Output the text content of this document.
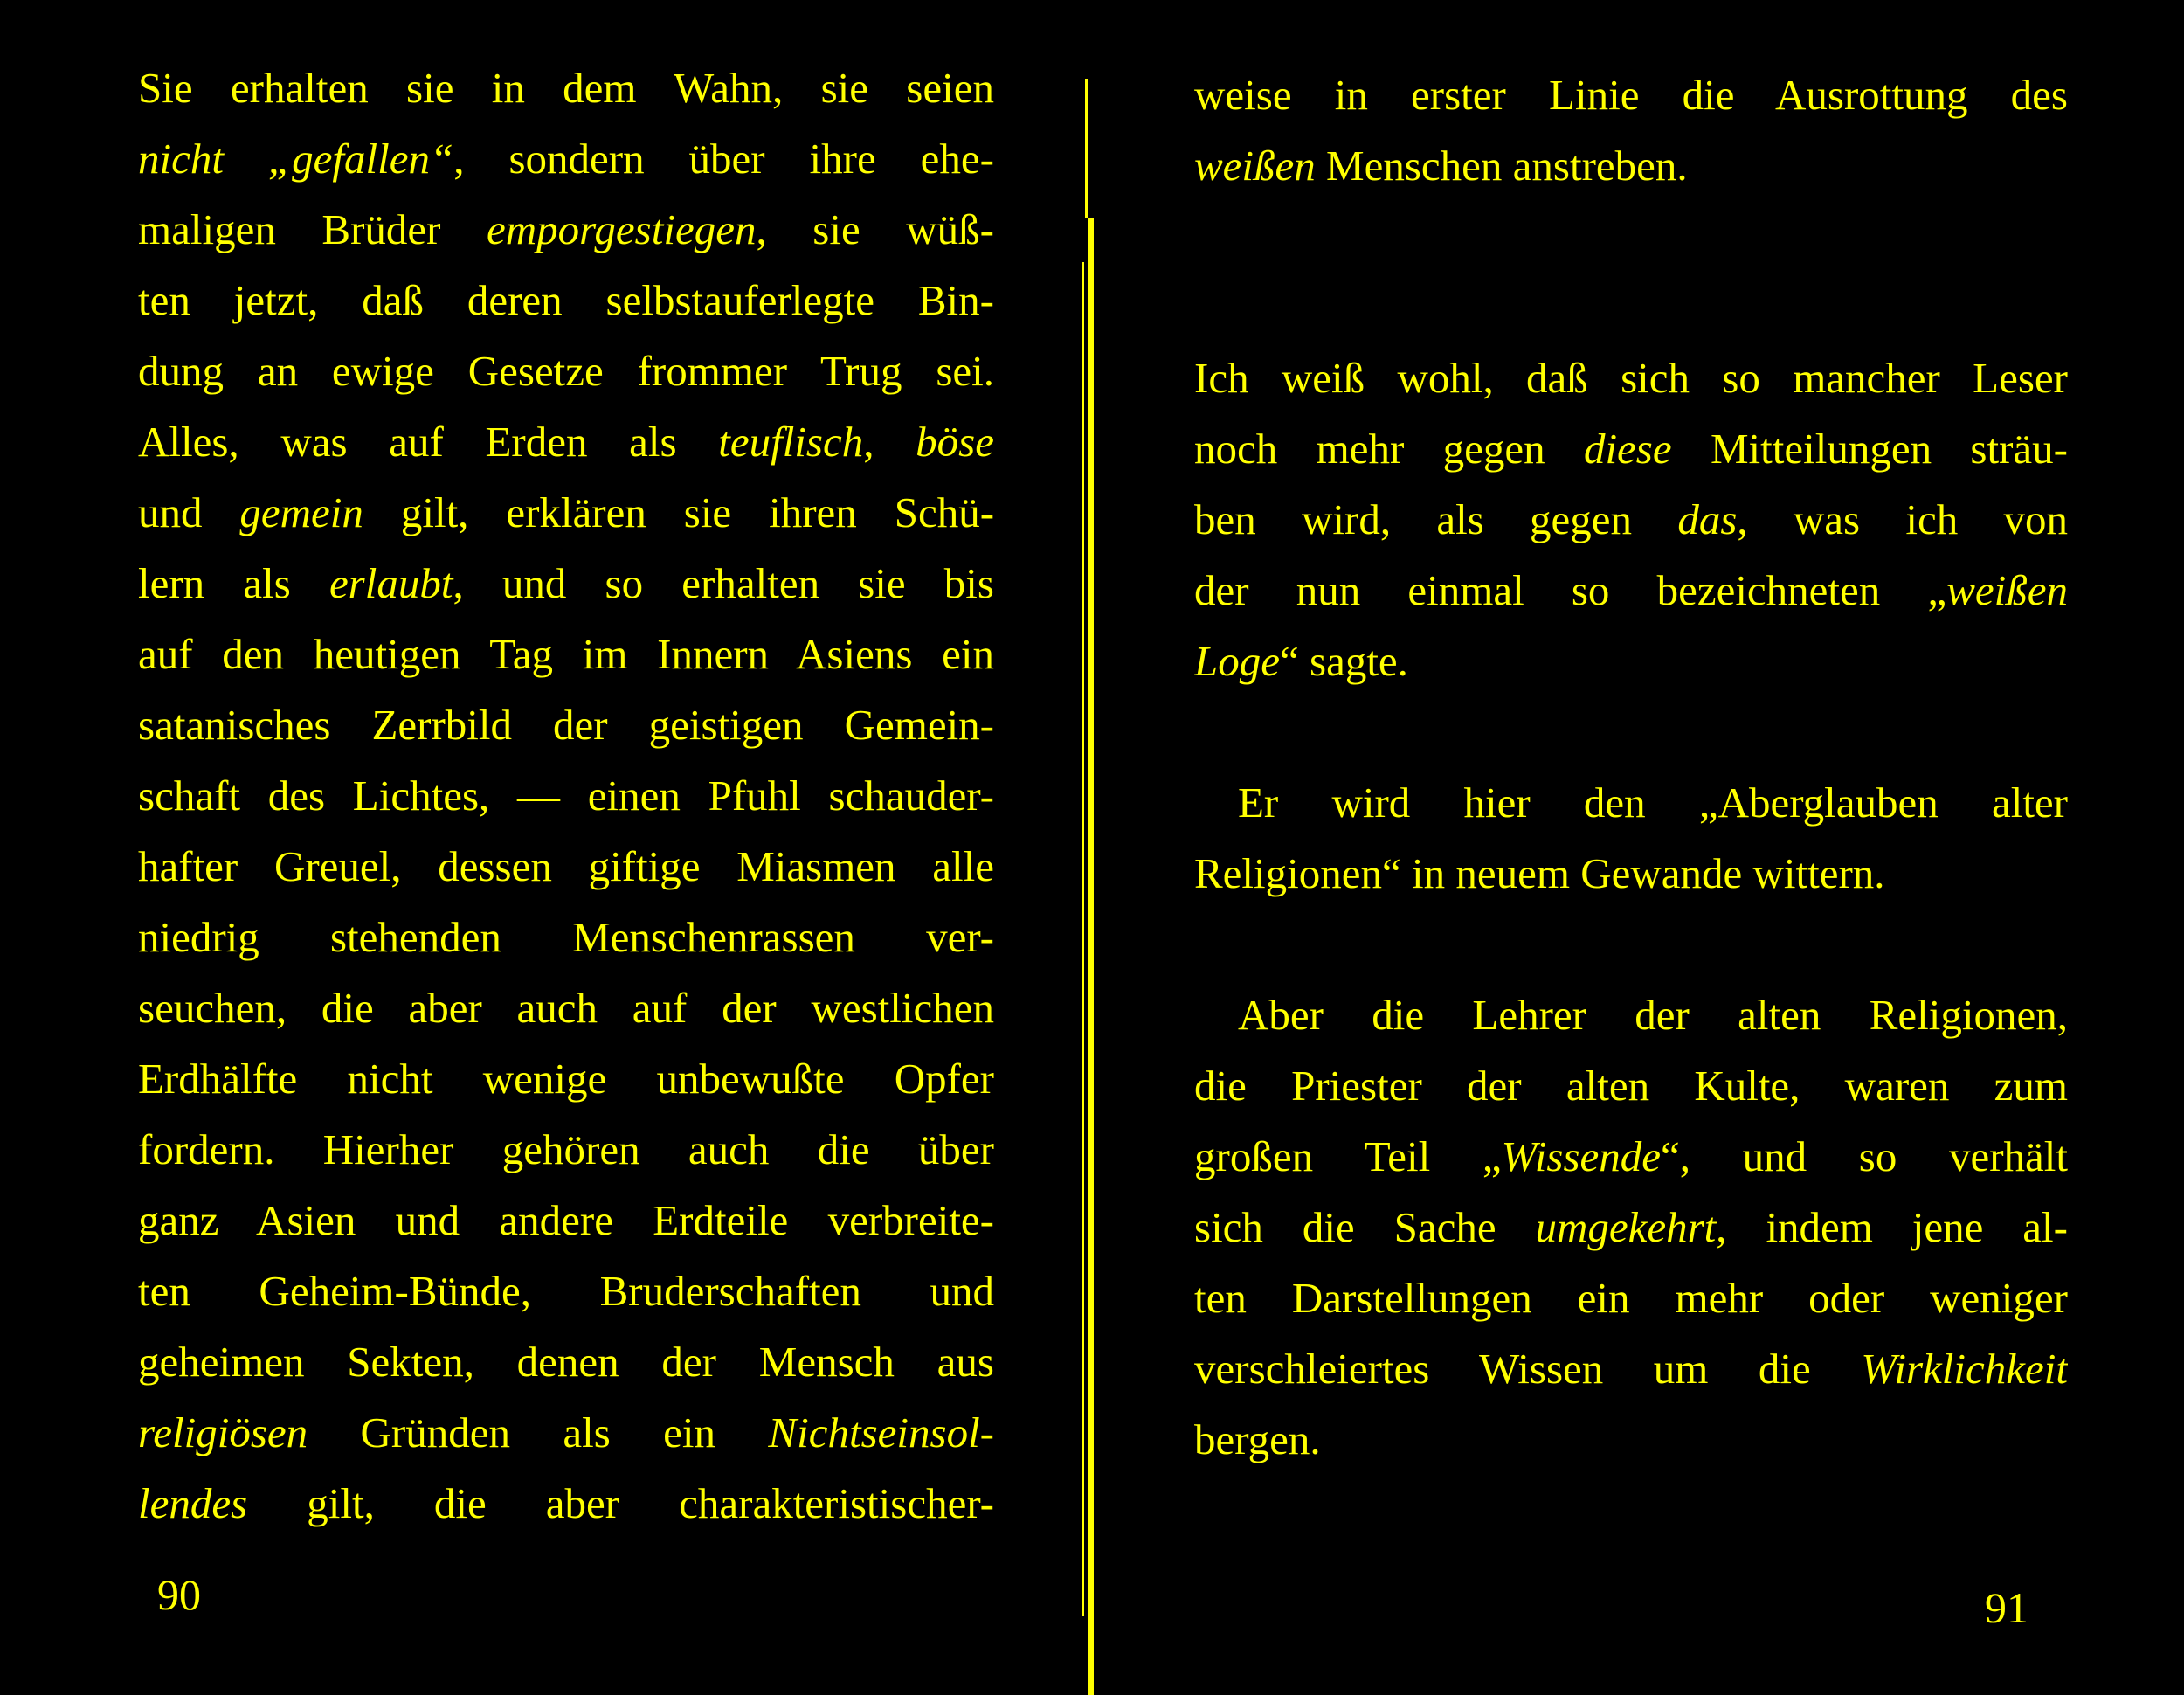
Sie erhalten sie in dem Wahn, sie seien
nicht „gefallen“, sondern über ihre ehe-
maligen Brüder emporgestiegen, sie wüß-
ten jetzt, daß deren selbstauferlegte Bin-
dung an ewige Gesetze frommer Trug sei.
Alles, was auf Erden als teuflisch, böse
und gemein gilt, erklären sie ihren Schü-
lern als erlaubt, und so erhalten sie bis
auf den heutigen Tag im Innern Asiens ein
satanisches Zerrbild der geistigen Gemein-
schaft des Lichtes, — einen Pfuhl schauder-
hafter Greuel, dessen giftige Miasmen alle
niedrig stehenden Menschenrassen ver-
seuchen, die aber auch auf der westlichen
Erdhälfte nicht wenige unbewußte Opfer
fordern. Hierher gehören auch die über
ganz Asien und andere Erdteile verbreite-
ten Geheim-Bünde, Bruderschaften und
geheimen Sekten, denen der Mensch aus
religiösen Gründen als ein Nichtseinsol-
lendes gilt, die aber charakteristischer-
90
weise in erster Linie die Ausrottung des
weißen Menschen anstreben.
Ich weiß wohl, daß sich so mancher Leser
noch mehr gegen diese Mitteilungen sträu-
ben wird, als gegen das, was ich von
der nun einmal so bezeichneten „weißen
Loge“ sagte.
Er wird hier den „Aberglauben alter
Religionen“ in neuem Gewande wittern.
Aber die Lehrer der alten Religionen,
die Priester der alten Kulte, waren zum
großen Teil „Wissende“, und so verhält
sich die Sache umgekehrt, indem jene al-
ten Darstellungen ein mehr oder weniger
verschleiertes Wissen um die Wirklichkeit
bergen.
91
